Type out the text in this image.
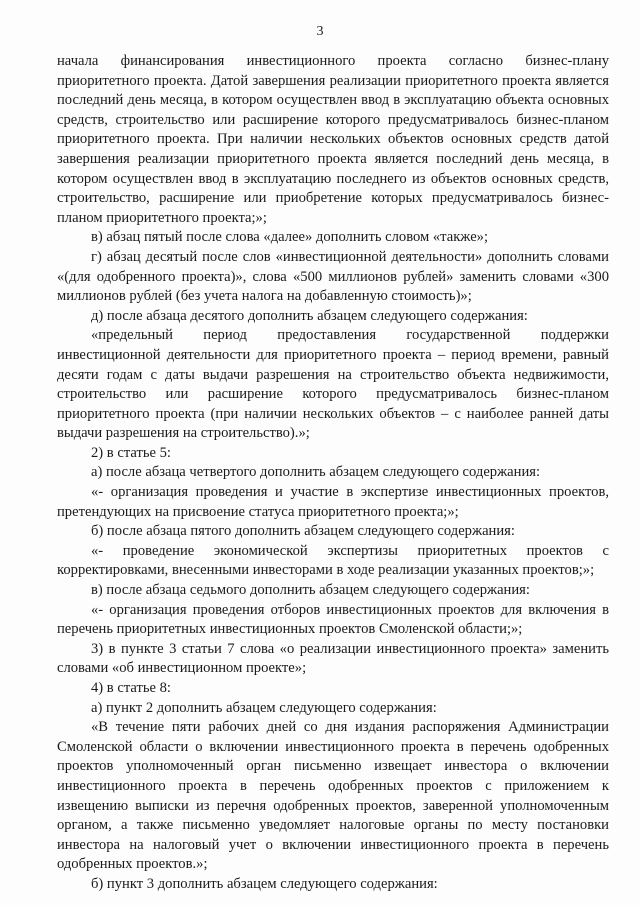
3

начала финансирования инвестиционного проекта согласно бизнес-плану приоритетного проекта. Датой завершения реализации приоритетного проекта является последний день месяца, в котором осуществлен ввод в эксплуатацию объекта основных средств, строительство или расширение которого предусматривалось бизнес-планом приоритетного проекта. При наличии нескольких объектов основных средств датой завершения реализации приоритетного проекта является последний день месяца, в котором осуществлен ввод в эксплуатацию последнего из объектов основных средств, строительство, расширение или приобретение которых предусматривалось бизнес-планом приоритетного проекта;»;

в) абзац пятый после слова «далее» дополнить словом «также»;

г) абзац десятый после слов «инвестиционной деятельности» дополнить словами «(для одобренного проекта)», слова «500 миллионов рублей» заменить словами «300 миллионов рублей (без учета налога на добавленную стоимость)»;

д) после абзаца десятого дополнить абзацем следующего содержания:

«предельный период предоставления государственной поддержки инвестиционной деятельности для приоритетного проекта – период времени, равный десяти годам с даты выдачи разрешения на строительство объекта недвижимости, строительство или расширение которого предусматривалось бизнес-планом приоритетного проекта (при наличии нескольких объектов – с наиболее ранней даты выдачи разрешения на строительство).»;

2) в статье 5:

а) после абзаца четвертого дополнить абзацем следующего содержания:

«- организация проведения и участие в экспертизе инвестиционных проектов, претендующих на присвоение статуса приоритетного проекта;»;

б) после абзаца пятого дополнить абзацем следующего содержания:

«- проведение экономической экспертизы приоритетных проектов с корректировками, внесенными инвесторами в ходе реализации указанных проектов;»;

в) после абзаца седьмого дополнить абзацем следующего содержания:

«- организация проведения отборов инвестиционных проектов для включения в перечень приоритетных инвестиционных проектов Смоленской области;»;

3) в пункте 3 статьи 7 слова «о реализации инвестиционного проекта» заменить словами «об инвестиционном проекте»;

4) в статье 8:

а) пункт 2 дополнить абзацем следующего содержания:

«В течение пяти рабочих дней со дня издания распоряжения Администрации Смоленской области о включении инвестиционного проекта в перечень одобренных проектов уполномоченный орган письменно извещает инвестора о включении инвестиционного проекта в перечень одобренных проектов с приложением к извещению выписки из перечня одобренных проектов, заверенной уполномоченным органом, а также письменно уведомляет налоговые органы по месту постановки инвестора на налоговый учет о включении инвестиционного проекта в перечень одобренных проектов.»;

б) пункт 3 дополнить абзацем следующего содержания:
